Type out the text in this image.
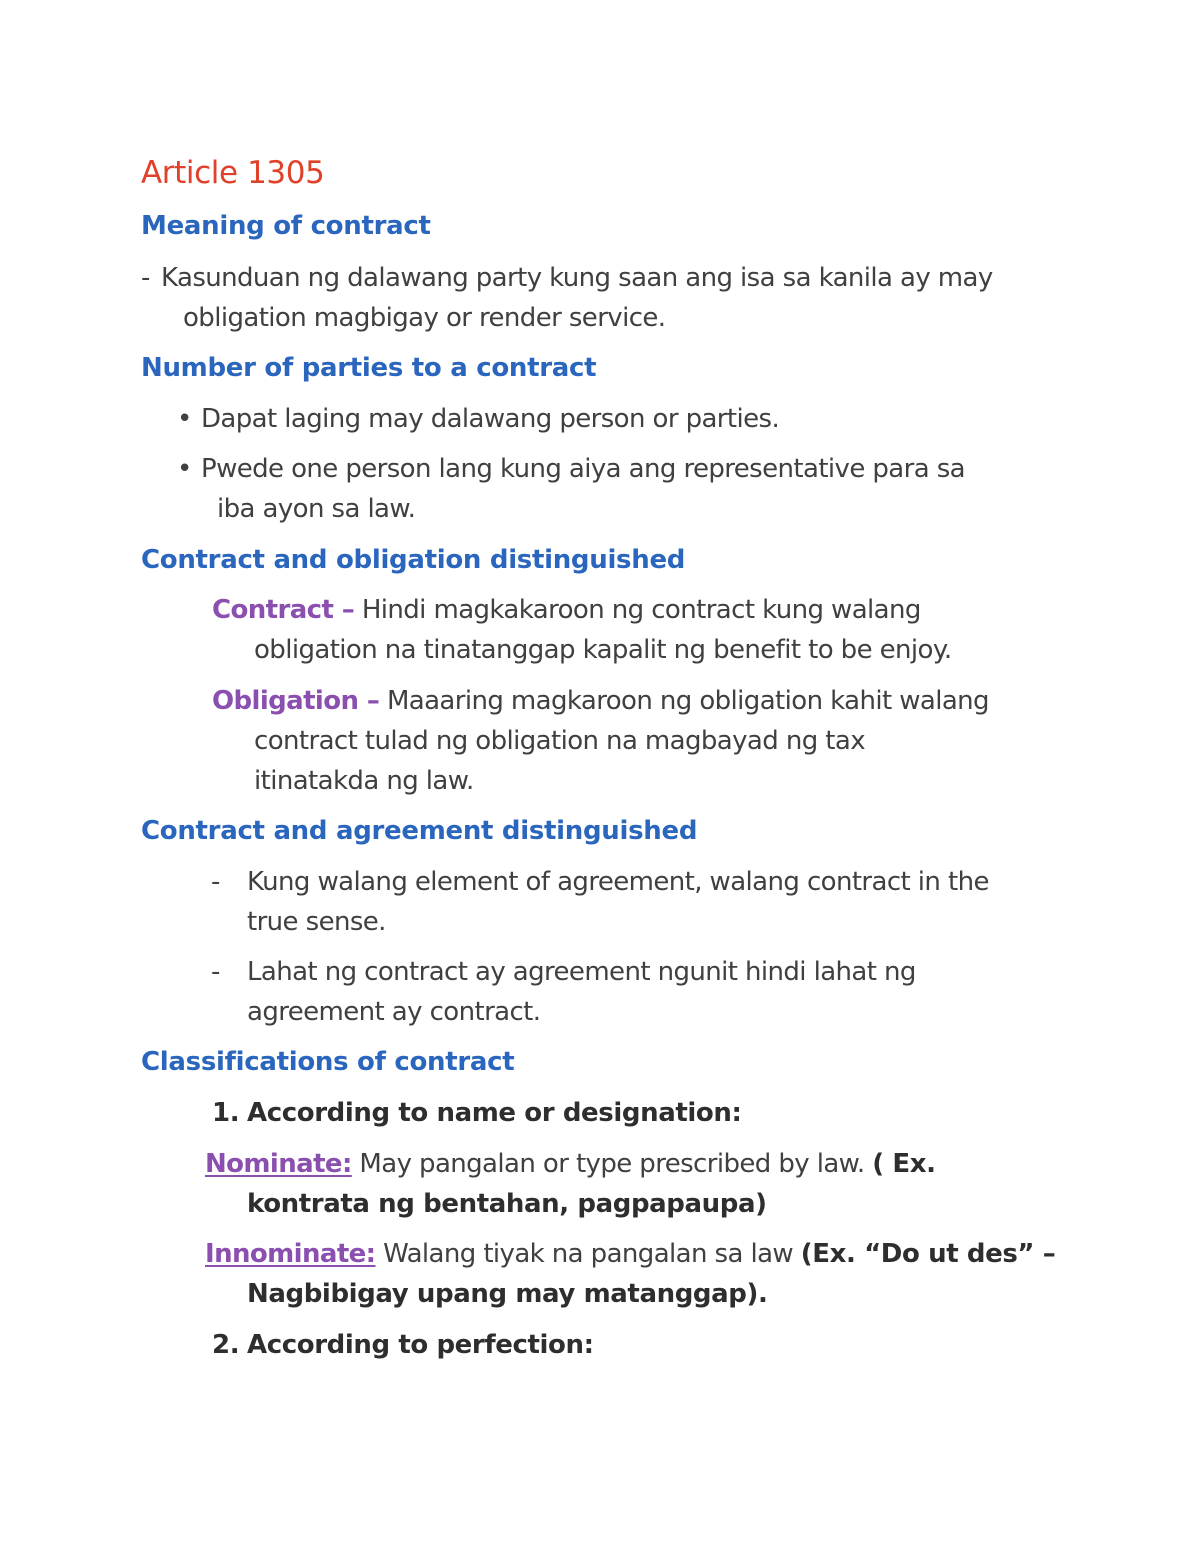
Article 1305
Meaning of contract
- Kasunduan ng dalawang party kung saan ang isa sa kanila ay may
obligation magbigay or render service.
Number of parties to a contract
• Dapat laging may dalawang person or parties.
• Pwede one person lang kung aiya ang representative para sa
iba ayon sa law.
Contract and obligation distinguished
Contract – Hindi magkakaroon ng contract kung walang
obligation na tinatanggap kapalit ng benefit to be enjoy.
Obligation – Maaaring magkaroon ng obligation kahit walang
contract tulad ng obligation na magbayad ng tax
itinatakda ng law.
Contract and agreement distinguished
- Kung walang element of agreement, walang contract in the
true sense.
- Lahat ng contract ay agreement ngunit hindi lahat ng
agreement ay contract.
Classifications of contract
1. According to name or designation:
Nominate: May pangalan or type prescribed by law. ( Ex.
kontrata ng bentahan, pagpapaupa)
Innominate: Walang tiyak na pangalan sa law (Ex. “Do ut des” –
Nagbibigay upang may matanggap).
2. According to perfection:
